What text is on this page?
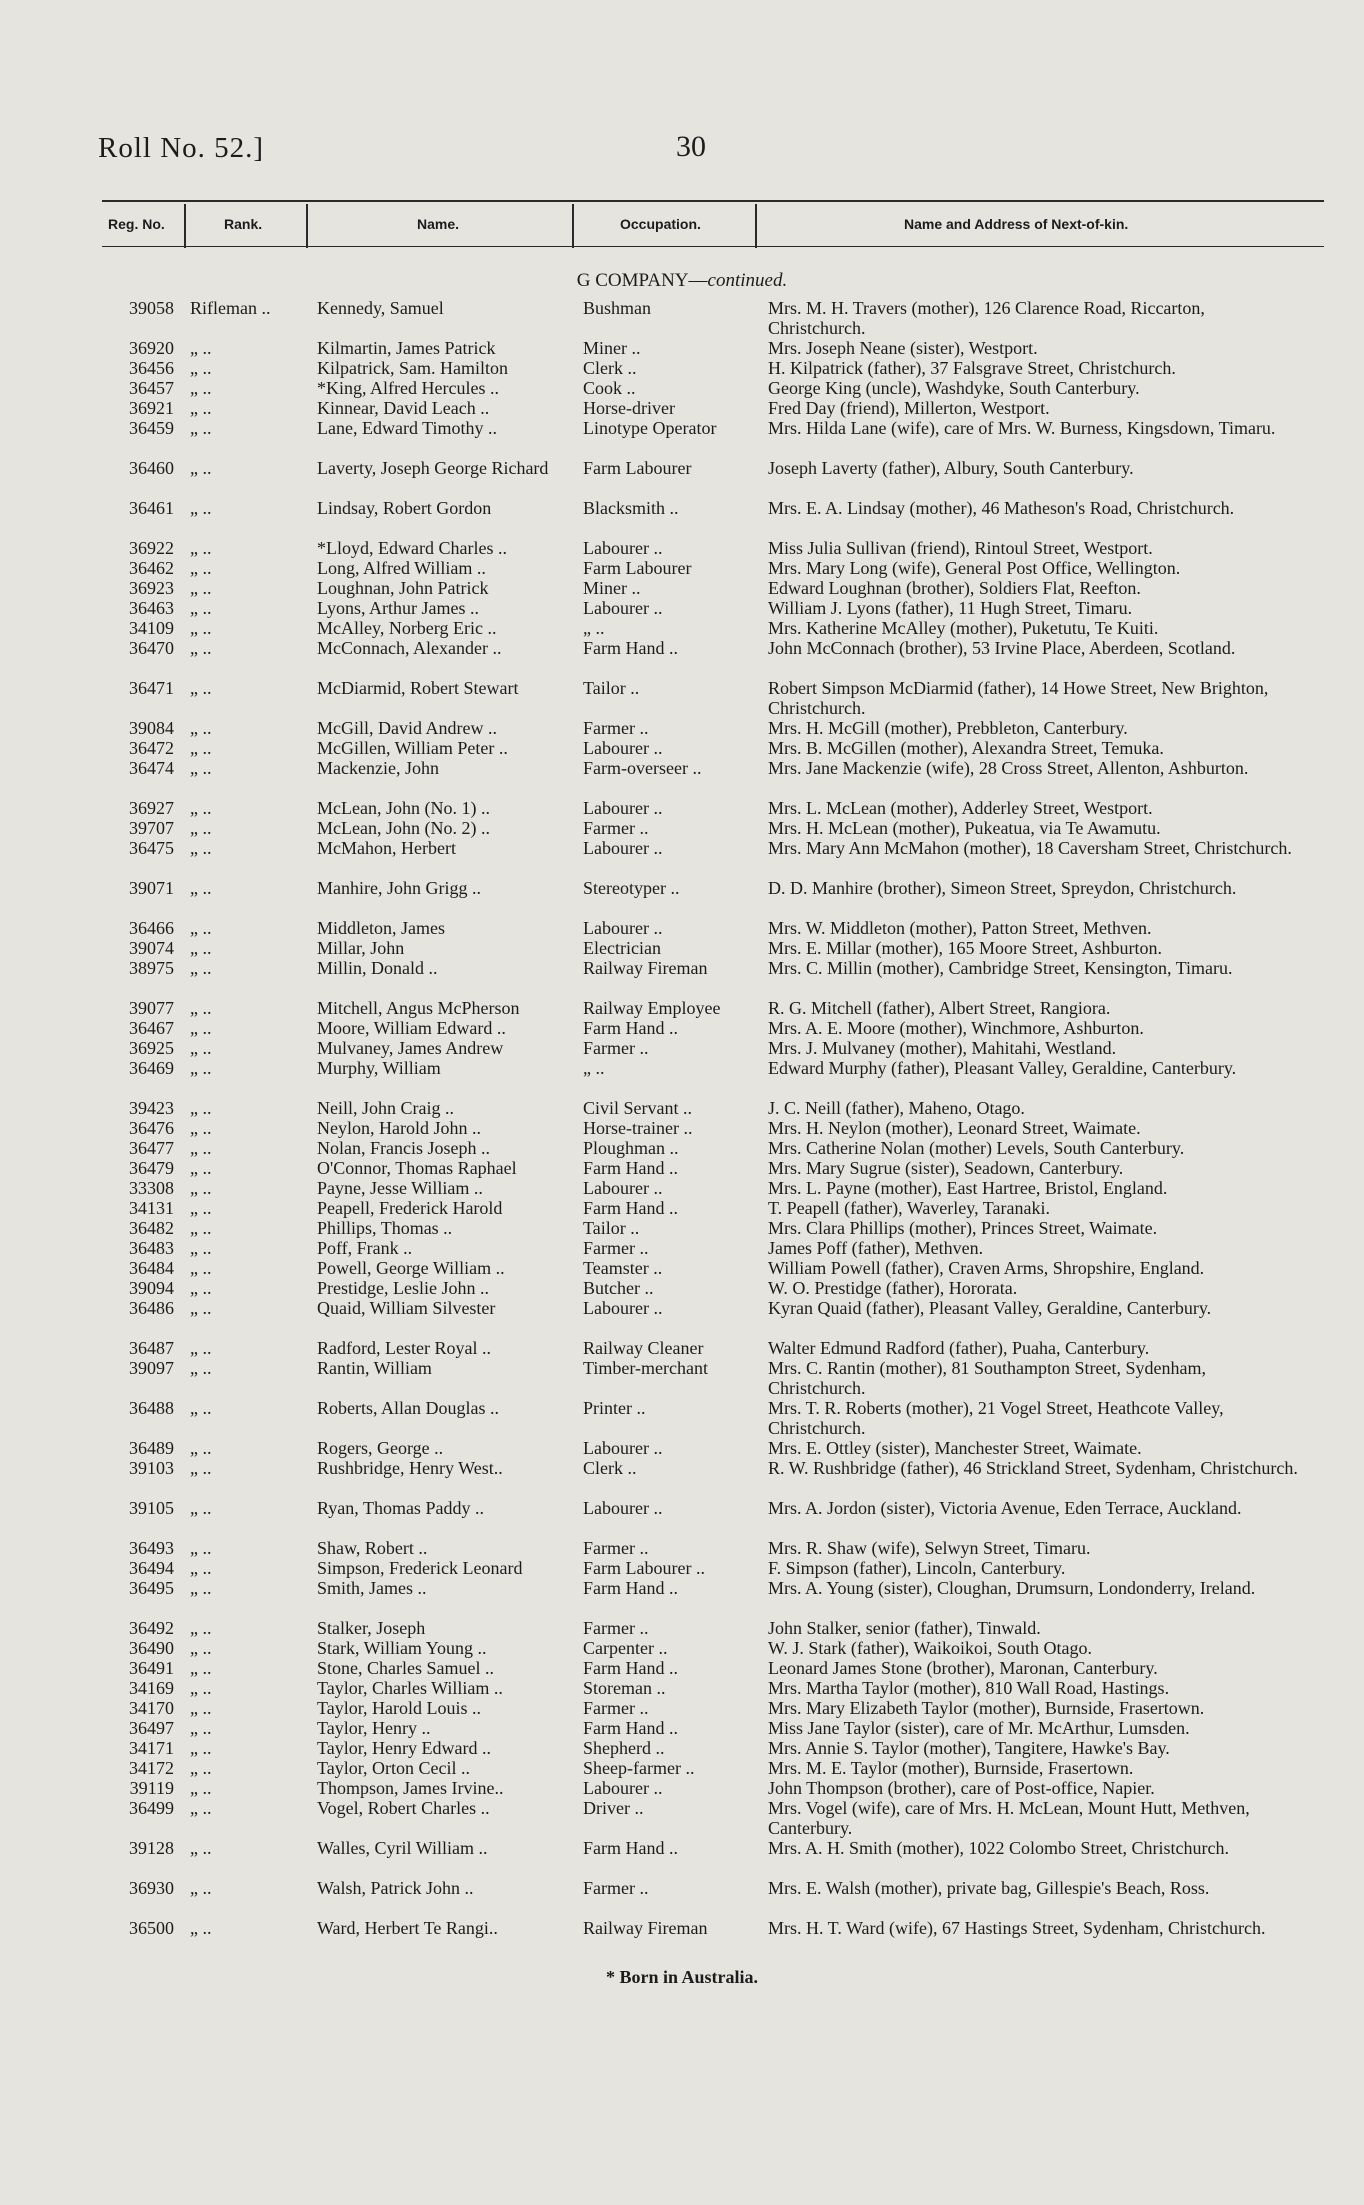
Roll No. 52.]	30
Reg. No.	Rank.	Name.	Occupation.	Name and Address of Next-of-kin.
G COMPANY—continued.
39058 Rifleman ..	Kennedy, Samuel	Bushman	Mrs. M. H. Travers (mother), 126 Clarence Road, Riccarton, Christchurch.
36920 „ ..	Kilmartin, James Patrick	Miner ..	Mrs. Joseph Neane (sister), Westport.
36456 „ ..	Kilpatrick, Sam. Hamilton	Clerk ..	H. Kilpatrick (father), 37 Falsgrave Street, Christchurch.
36457 „ ..	*King, Alfred Hercules ..	Cook ..	George King (uncle), Washdyke, South Canterbury.
36921 „ ..	Kinnear, David Leach ..	Horse-driver	Fred Day (friend), Millerton, Westport.
36459 „ ..	Lane, Edward Timothy ..	Linotype Operator	Mrs. Hilda Lane (wife), care of Mrs. W. Burness, Kingsdown, Timaru.
36460 „ ..	Laverty, Joseph George Richard	Farm Labourer	Joseph Laverty (father), Albury, South Canterbury.
36461 „ ..	Lindsay, Robert Gordon	Blacksmith ..	Mrs. E. A. Lindsay (mother), 46 Matheson's Road, Christchurch.
36922 „ ..	*Lloyd, Edward Charles ..	Labourer ..	Miss Julia Sullivan (friend), Rintoul Street, Westport.
36462 „ ..	Long, Alfred William ..	Farm Labourer	Mrs. Mary Long (wife), General Post Office, Wellington.
36923 „ ..	Loughnan, John Patrick	Miner ..	Edward Loughnan (brother), Soldiers Flat, Reefton.
36463 „ ..	Lyons, Arthur James ..	Labourer ..	William J. Lyons (father), 11 Hugh Street, Timaru.
34109 „ ..	McAlley, Norberg Eric ..	„ ..	Mrs. Katherine McAlley (mother), Puketutu, Te Kuiti.
36470 „ ..	McConnach, Alexander ..	Farm Hand ..	John McConnach (brother), 53 Irvine Place, Aberdeen, Scotland.
36471 „ ..	McDiarmid, Robert Stewart	Tailor ..	Robert Simpson McDiarmid (father), 14 Howe Street, New Brighton, Christchurch.
39084 „ ..	McGill, David Andrew ..	Farmer ..	Mrs. H. McGill (mother), Prebbleton, Canterbury.
36472 „ ..	McGillen, William Peter ..	Labourer ..	Mrs. B. McGillen (mother), Alexandra Street, Temuka.
36474 „ ..	Mackenzie, John	Farm-overseer ..	Mrs. Jane Mackenzie (wife), 28 Cross Street, Allenton, Ashburton.
36927 „ ..	McLean, John (No. 1) ..	Labourer ..	Mrs. L. McLean (mother), Adderley Street, Westport.
39707 „ ..	McLean, John (No. 2) ..	Farmer ..	Mrs. H. McLean (mother), Pukeatua, via Te Awamutu.
36475 „ ..	McMahon, Herbert	Labourer ..	Mrs. Mary Ann McMahon (mother), 18 Caversham Street, Christchurch.
39071 „ ..	Manhire, John Grigg ..	Stereotyper ..	D. D. Manhire (brother), Simeon Street, Spreydon, Christchurch.
36466 „ ..	Middleton, James	Labourer ..	Mrs. W. Middleton (mother), Patton Street, Methven.
39074 „ ..	Millar, John	Electrician	Mrs. E. Millar (mother), 165 Moore Street, Ashburton.
38975 „ ..	Millin, Donald ..	Railway Fireman	Mrs. C. Millin (mother), Cambridge Street, Kensington, Timaru.
39077 „ ..	Mitchell, Angus McPherson	Railway Employee	R. G. Mitchell (father), Albert Street, Rangiora.
36467 „ ..	Moore, William Edward ..	Farm Hand ..	Mrs. A. E. Moore (mother), Winchmore, Ashburton.
36925 „ ..	Mulvaney, James Andrew	Farmer ..	Mrs. J. Mulvaney (mother), Mahitahi, Westland.
36469 „ ..	Murphy, William	„ ..	Edward Murphy (father), Pleasant Valley, Geraldine, Canterbury.
39423 „ ..	Neill, John Craig ..	Civil Servant ..	J. C. Neill (father), Maheno, Otago.
36476 „ ..	Neylon, Harold John ..	Horse-trainer ..	Mrs. H. Neylon (mother), Leonard Street, Waimate.
36477 „ ..	Nolan, Francis Joseph ..	Ploughman ..	Mrs. Catherine Nolan (mother) Levels, South Canterbury.
36479 „ ..	O'Connor, Thomas Raphael	Farm Hand ..	Mrs. Mary Sugrue (sister), Seadown, Canterbury.
33308 „ ..	Payne, Jesse William ..	Labourer ..	Mrs. L. Payne (mother), East Hartree, Bristol, England.
34131 „ ..	Peapell, Frederick Harold	Farm Hand ..	T. Peapell (father), Waverley, Taranaki.
36482 „ ..	Phillips, Thomas ..	Tailor ..	Mrs. Clara Phillips (mother), Princes Street, Waimate.
36483 „ ..	Poff, Frank ..	Farmer ..	James Poff (father), Methven.
36484 „ ..	Powell, George William ..	Teamster ..	William Powell (father), Craven Arms, Shropshire, England.
39094 „ ..	Prestidge, Leslie John ..	Butcher ..	W. O. Prestidge (father), Hororata.
36486 „ ..	Quaid, William Silvester	Labourer ..	Kyran Quaid (father), Pleasant Valley, Geraldine, Canterbury.
36487 „ ..	Radford, Lester Royal ..	Railway Cleaner	Walter Edmund Radford (father), Puaha, Canterbury.
39097 „ ..	Rantin, William	Timber-merchant	Mrs. C. Rantin (mother), 81 Southampton Street, Sydenham, Christchurch.
36488 „ ..	Roberts, Allan Douglas ..	Printer ..	Mrs. T. R. Roberts (mother), 21 Vogel Street, Heathcote Valley, Christchurch.
36489 „ ..	Rogers, George ..	Labourer ..	Mrs. E. Ottley (sister), Manchester Street, Waimate.
39103 „ ..	Rushbridge, Henry West..	Clerk ..	R. W. Rushbridge (father), 46 Strickland Street, Sydenham, Christchurch.
39105 „ ..	Ryan, Thomas Paddy ..	Labourer ..	Mrs. A. Jordon (sister), Victoria Avenue, Eden Terrace, Auckland.
36493 „ ..	Shaw, Robert ..	Farmer ..	Mrs. R. Shaw (wife), Selwyn Street, Timaru.
36494 „ ..	Simpson, Frederick Leonard	Farm Labourer ..	F. Simpson (father), Lincoln, Canterbury.
36495 „ ..	Smith, James ..	Farm Hand ..	Mrs. A. Young (sister), Cloughan, Drumsurn, Londonderry, Ireland.
36492 „ ..	Stalker, Joseph	Farmer ..	John Stalker, senior (father), Tinwald.
36490 „ ..	Stark, William Young ..	Carpenter ..	W. J. Stark (father), Waikoikoi, South Otago.
36491 „ ..	Stone, Charles Samuel ..	Farm Hand ..	Leonard James Stone (brother), Maronan, Canterbury.
34169 „ ..	Taylor, Charles William ..	Storeman ..	Mrs. Martha Taylor (mother), 810 Wall Road, Hastings.
34170 „ ..	Taylor, Harold Louis ..	Farmer ..	Mrs. Mary Elizabeth Taylor (mother), Burnside, Frasertown.
36497 „ ..	Taylor, Henry ..	Farm Hand ..	Miss Jane Taylor (sister), care of Mr. McArthur, Lumsden.
34171 „ ..	Taylor, Henry Edward ..	Shepherd ..	Mrs. Annie S. Taylor (mother), Tangitere, Hawke's Bay.
34172 „ ..	Taylor, Orton Cecil ..	Sheep-farmer ..	Mrs. M. E. Taylor (mother), Burnside, Frasertown.
39119 „ ..	Thompson, James Irvine..	Labourer ..	John Thompson (brother), care of Post-office, Napier.
36499 „ ..	Vogel, Robert Charles ..	Driver ..	Mrs. Vogel (wife), care of Mrs. H. McLean, Mount Hutt, Methven, Canterbury.
39128 „ ..	Walles, Cyril William ..	Farm Hand ..	Mrs. A. H. Smith (mother), 1022 Colombo Street, Christchurch.
36930 „ ..	Walsh, Patrick John ..	Farmer ..	Mrs. E. Walsh (mother), private bag, Gillespie's Beach, Ross.
36500 „ ..	Ward, Herbert Te Rangi..	Railway Fireman	Mrs. H. T. Ward (wife), 67 Hastings Street, Sydenham, Christchurch.
* Born in Australia.
